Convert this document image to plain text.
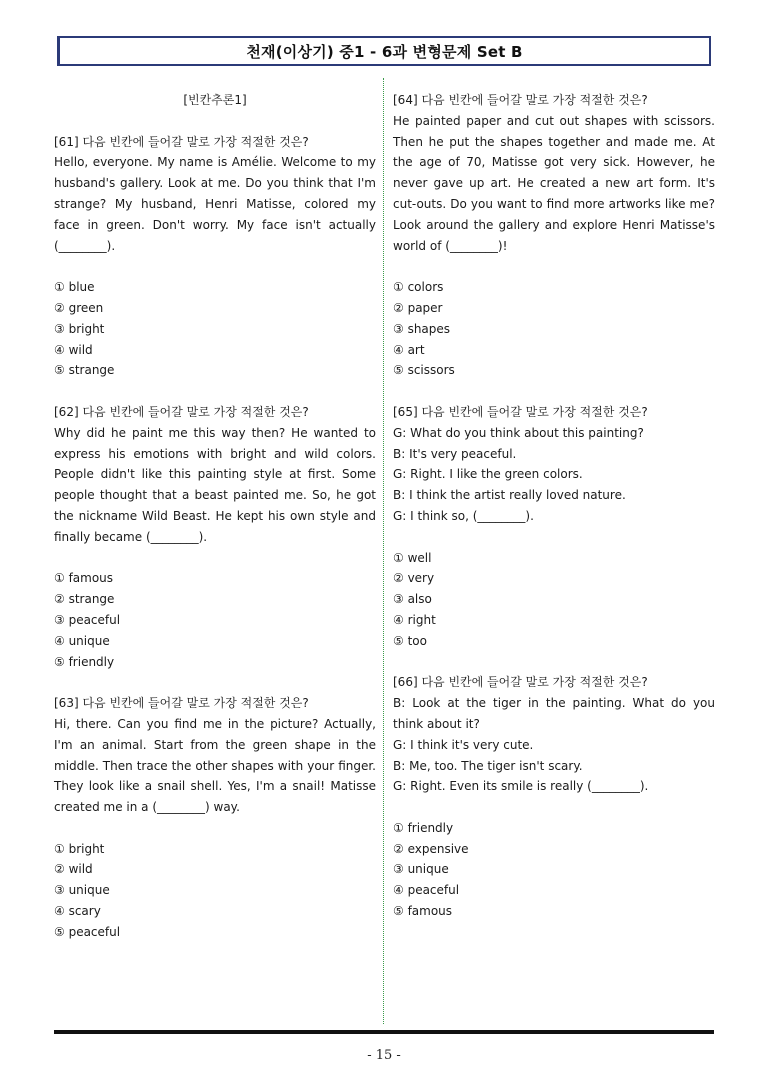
천재(이상기) 중1 - 6과 변형문제 Set B
[빈칸추론1]
[61] 다음 빈칸에 들어갈 말로 가장 적절한 것은?
Hello, everyone. My name is Amélie. Welcome to my husband's gallery. Look at me. Do you think that I'm strange? My husband, Henri Matisse, colored my face in green. Don't worry. My face isn't actually (________).
① blue
② green
③ bright
④ wild
⑤ strange
[62] 다음 빈칸에 들어갈 말로 가장 적절한 것은?
Why did he paint me this way then? He wanted to express his emotions with bright and wild colors. People didn't like this painting style at first. Some people thought that a beast painted me. So, he got the nickname Wild Beast. He kept his own style and finally became (________).
① famous
② strange
③ peaceful
④ unique
⑤ friendly
[63] 다음 빈칸에 들어갈 말로 가장 적절한 것은?
Hi, there. Can you find me in the picture? Actually, I'm an animal. Start from the green shape in the middle. Then trace the other shapes with your finger. They look like a snail shell. Yes, I'm a snail! Matisse created me in a (________) way.
① bright
② wild
③ unique
④ scary
⑤ peaceful
[64] 다음 빈칸에 들어갈 말로 가장 적절한 것은?
He painted paper and cut out shapes with scissors. Then he put the shapes together and made me. At the age of 70, Matisse got very sick. However, he never gave up art. He created a new art form. It's cut-outs. Do you want to find more artworks like me? Look around the gallery and explore Henri Matisse's world of (________)!
① colors
② paper
③ shapes
④ art
⑤ scissors
[65] 다음 빈칸에 들어갈 말로 가장 적절한 것은?
G: What do you think about this painting?
B: It's very peaceful.
G: Right. I like the green colors.
B: I think the artist really loved nature.
G: I think so, (________).
① well
② very
③ also
④ right
⑤ too
[66] 다음 빈칸에 들어갈 말로 가장 적절한 것은?
B: Look at the tiger in the painting. What do you think about it?
G: I think it's very cute.
B: Me, too. The tiger isn't scary.
G: Right. Even its smile is really (________).
① friendly
② expensive
③ unique
④ peaceful
⑤ famous
- 15 -
